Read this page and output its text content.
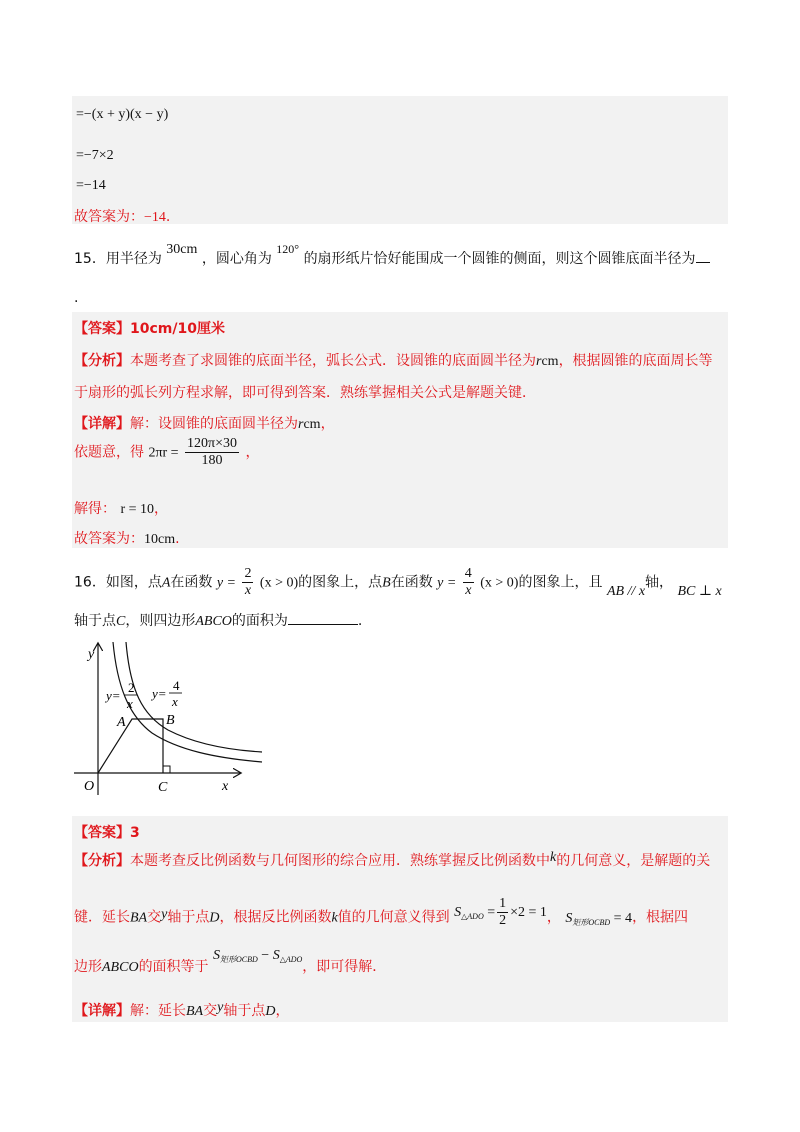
=−(x + y)(x − y)
=−7×2
=−14
故答案为：−14.
15．用半径为 30cm ，圆心角为 120° 的扇形纸片恰好能围成一个圆锥的侧面，则这个圆锥底面半径为
.
【答案】10cm/10厘米
【分析】本题考查了求圆锥的底面半径，弧长公式．设圆锥的底面圆半径为rcm，根据圆锥的底面周长等
于扇形的弧长列方程求解，即可得到答案．熟练掌握相关公式是解题关键．
【详解】解：设圆锥的底面圆半径为rcm，
依题意，得 $2\pi r = \frac{120\pi\times 30}{180}$ ，
解得： r = 10，
故答案为：10cm.
16．如图，点A在函数 $y = \frac{2}{x} (x > 0)$的图象上，点B在函数 $y = \frac{4}{x} (x > 0)$的图象上，且 AB // x轴， BC ⊥ x
轴于点C，则四边形ABCO的面积为	.
y
x
O	C
A	B
y=
2
x
y=
4
x
【答案】3
【分析】本题考查反比例函数与几何图形的综合应用．熟练掌握反比例函数中k的几何意义，是解题的关
键．延长BA交y轴于点D，根据反比例函数k值的几何意义得到 $S_{\triangle ADO} = \frac{1}{2} \times 2 = 1$， $S_{矩形OCBD} = 4$，根据四
边形ABCO的面积等于 $S_{矩形OCBD} - S_{\triangle ADO}$，即可得解．
【详解】解：延长BA交y轴于点D，
